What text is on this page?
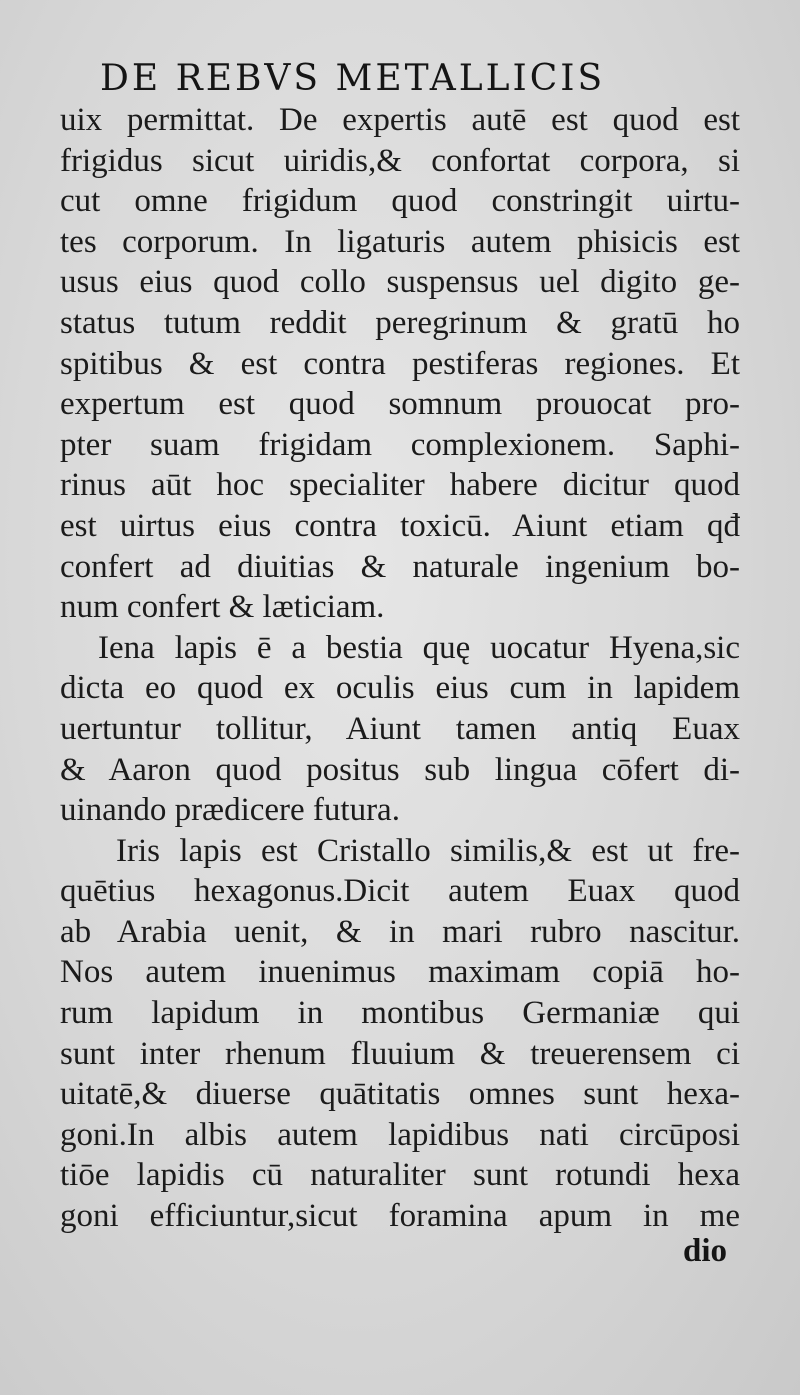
DE REBVS METALLICIS
uix permittat. De expertis autē est quod est
frigidus sicut uiridis,& confortat corpora, si
cut omne frigidum quod constringit uirtu-
tes corporum. In ligaturis autem phisicis est
usus eius quod collo suspensus uel digito ge-
status tutum reddit peregrinum & gratū ho
spitibus & est contra pestiferas regiones. Et
expertum est quod somnum prouocat pro-
pter suam frigidam complexionem. Saphi-
rinus aūt hoc specialiter habere dicitur quod
est uirtus eius contra toxicū. Aiunt etiam qđ
confert ad diuitias & naturale ingenium bo-
num confert & læticiam.
Iena lapis ē a bestia quę uocatur Hyena,sic
dicta eo quod ex oculis eius cum in lapidem
uertuntur tollitur, Aiunt tamen antiq Euax
& Aaron quod positus sub lingua cōfert di-
uinando prædicere futura.
Iris lapis est Cristallo similis,& est ut fre-
quētius hexagonus.Dicit autem Euax quod
ab Arabia uenit, & in mari rubro nascitur.
Nos autem inuenimus maximam copiā ho-
rum lapidum in montibus Germaniæ qui
sunt inter rhenum fluuium & treuerensem ci
uitatē,& diuerse quātitatis omnes sunt hexa-
goni.In albis autem lapidibus nati circūposi
tiōe lapidis cū naturaliter sunt rotundi hexa
goni efficiuntur,sicut foramina apum in me
dio
